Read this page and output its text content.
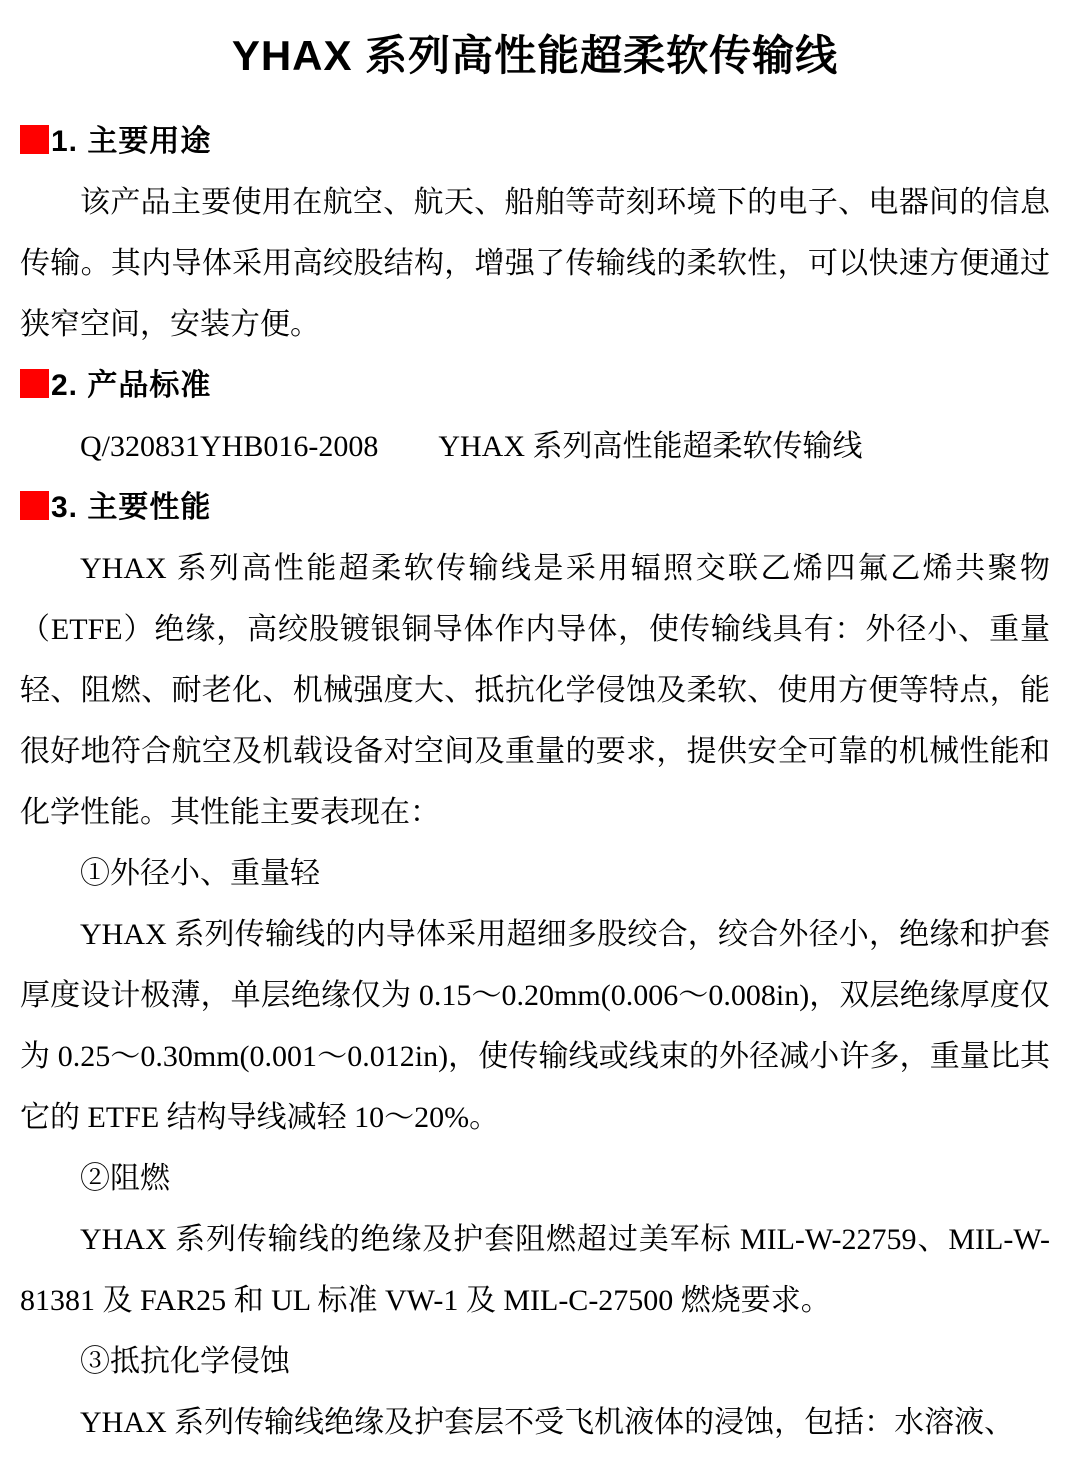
YHAX 系列高性能超柔软传输线
1. 主要用途

该产品主要使用在航空、航天、船舶等苛刻环境下的电子、电器间的信息传输。其内导体采用高绞股结构，增强了传输线的柔软性，可以快速方便通过狭窄空间，安装方便。

2. 产品标准

Q/320831YHB016-2008　　YHAX 系列高性能超柔软传输线

3. 主要性能

YHAX 系列高性能超柔软传输线是采用辐照交联乙烯四氟乙烯共聚物（ETFE）绝缘，高绞股镀银铜导体作内导体，使传输线具有：外径小、重量轻、阻燃、耐老化、机械强度大、抵抗化学侵蚀及柔软、使用方便等特点，能很好地符合航空及机载设备对空间及重量的要求，提供安全可靠的机械性能和化学性能。其性能主要表现在：

①外径小、重量轻

YHAX 系列传输线的内导体采用超细多股绞合，绞合外径小，绝缘和护套厚度设计极薄，单层绝缘仅为 0.15～0.20mm(0.006～0.008in)，双层绝缘厚度仅为 0.25～0.30mm(0.001～0.012in)，使传输线或线束的外径减小许多，重量比其它的 ETFE 结构导线减轻 10～20%。

②阻燃

YHAX 系列传输线的绝缘及护套阻燃超过美军标 MIL-W-22759、MIL-W-81381 及 FAR25 和 UL 标准 VW-1 及 MIL-C-27500 燃烧要求。

③抵抗化学侵蚀

YHAX 系列传输线绝缘及护套层不受飞机液体的浸蚀，包括：水溶液、
